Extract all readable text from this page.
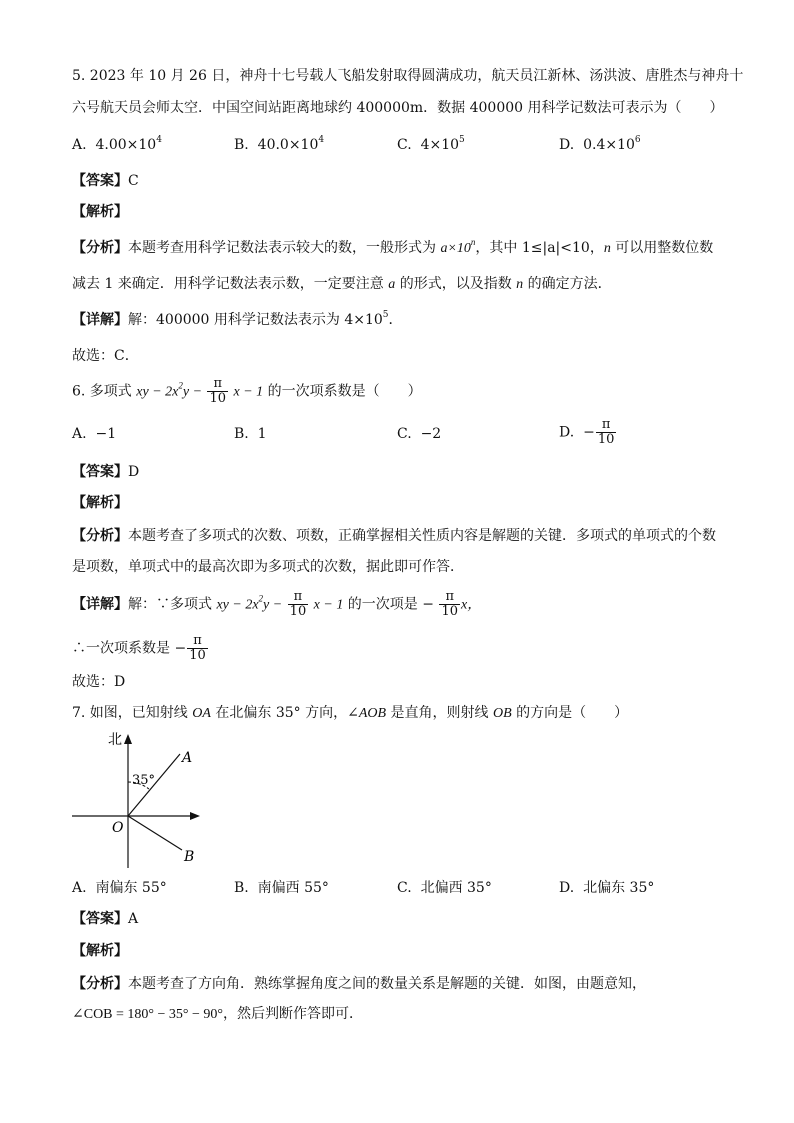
5. 2023 年 10 月 26 日，神舟十七号载人飞船发射取得圆满成功，航天员江新林、汤洪波、唐胜杰与神舟十
六号航天员会师太空．中国空间站距离地球约 400000m．数据 400000 用科学记数法可表示为（　　）
A. $4.00\times 10^4$	B. $40.0\times 10^4$	C. $4\times 10^5$	D. $0.4\times 10^6$
【答案】C
【解析】
【分析】本题考查用科学记数法表示较大的数，一般形式为 $a\times 10^n$，其中 1≤|a|<10，n 可以用整数位数
减去 1 来确定．用科学记数法表示数，一定要注意 a 的形式，以及指数 n 的确定方法．
【详解】解：400000 用科学记数法表示为 $4\times 10^5$．
故选：C．
6. 多项式 xy − $2x^2y - \frac{\pi}{10}$ x − 1 的一次项系数是（　　）
A. −1	B. 1	C. −2	D. − $\frac{\pi}{10}$
【答案】D
【解析】
【分析】本题考查了多项式的次数、项数，正确掌握相关性质内容是解题的关键．多项式的单项式的个数
是项数，单项式中的最高次即为多项式的次数，据此即可作答．
【详解】解：∵多项式 xy − $2x^2y - \frac{\pi}{10}$ x − 1 的一次项是 − $\frac{\pi}{10}$ x，
∴一次项系数是 − $\frac{\pi}{10}$
故选：D
7. 如图，已知射线 OA 在北偏东 35° 方向，∠AOB 是直角，则射线 OB 的方向是（　　）
北
35°
A
O
B
A. 南偏东 55°	B. 南偏西 55°	C. 北偏西 35°	D. 北偏东 35°
【答案】A
【解析】
【分析】本题考查了方向角．熟练掌握角度之间的数量关系是解题的关键．如图，由题意知，
∠COB = 180° − 35° − 90°，然后判断作答即可．
